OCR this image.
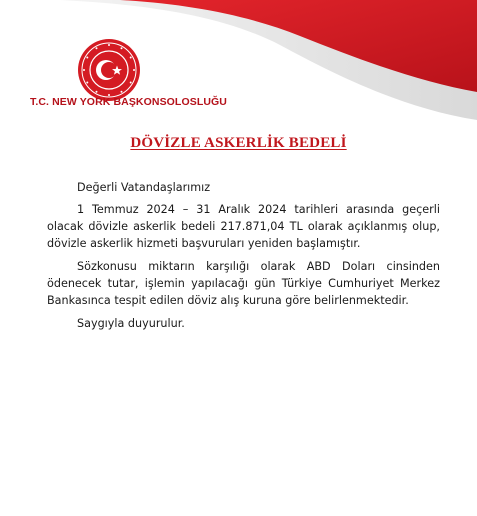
T.C. NEW YORK BAŞKONSOLOSLUĞU
DÖVİZLE ASKERLİK BEDELİ

Değerli Vatandaşlarımız

1 Temmuz 2024 – 31 Aralık 2024 tarihleri arasında geçerli olacak dövizle askerlik bedeli 217.871,04 TL olarak açıklanmış olup, dövizle askerlik hizmeti başvuruları yeniden başlamıştır.

Sözkonusu miktarın karşılığı olarak ABD Doları cinsinden ödenecek tutar, işlemin yapılacağı gün Türkiye Cumhuriyet Merkez Bankasınca tespit edilen döviz alış kuruna göre belirlenmektedir.

Saygıyla duyurulur.
